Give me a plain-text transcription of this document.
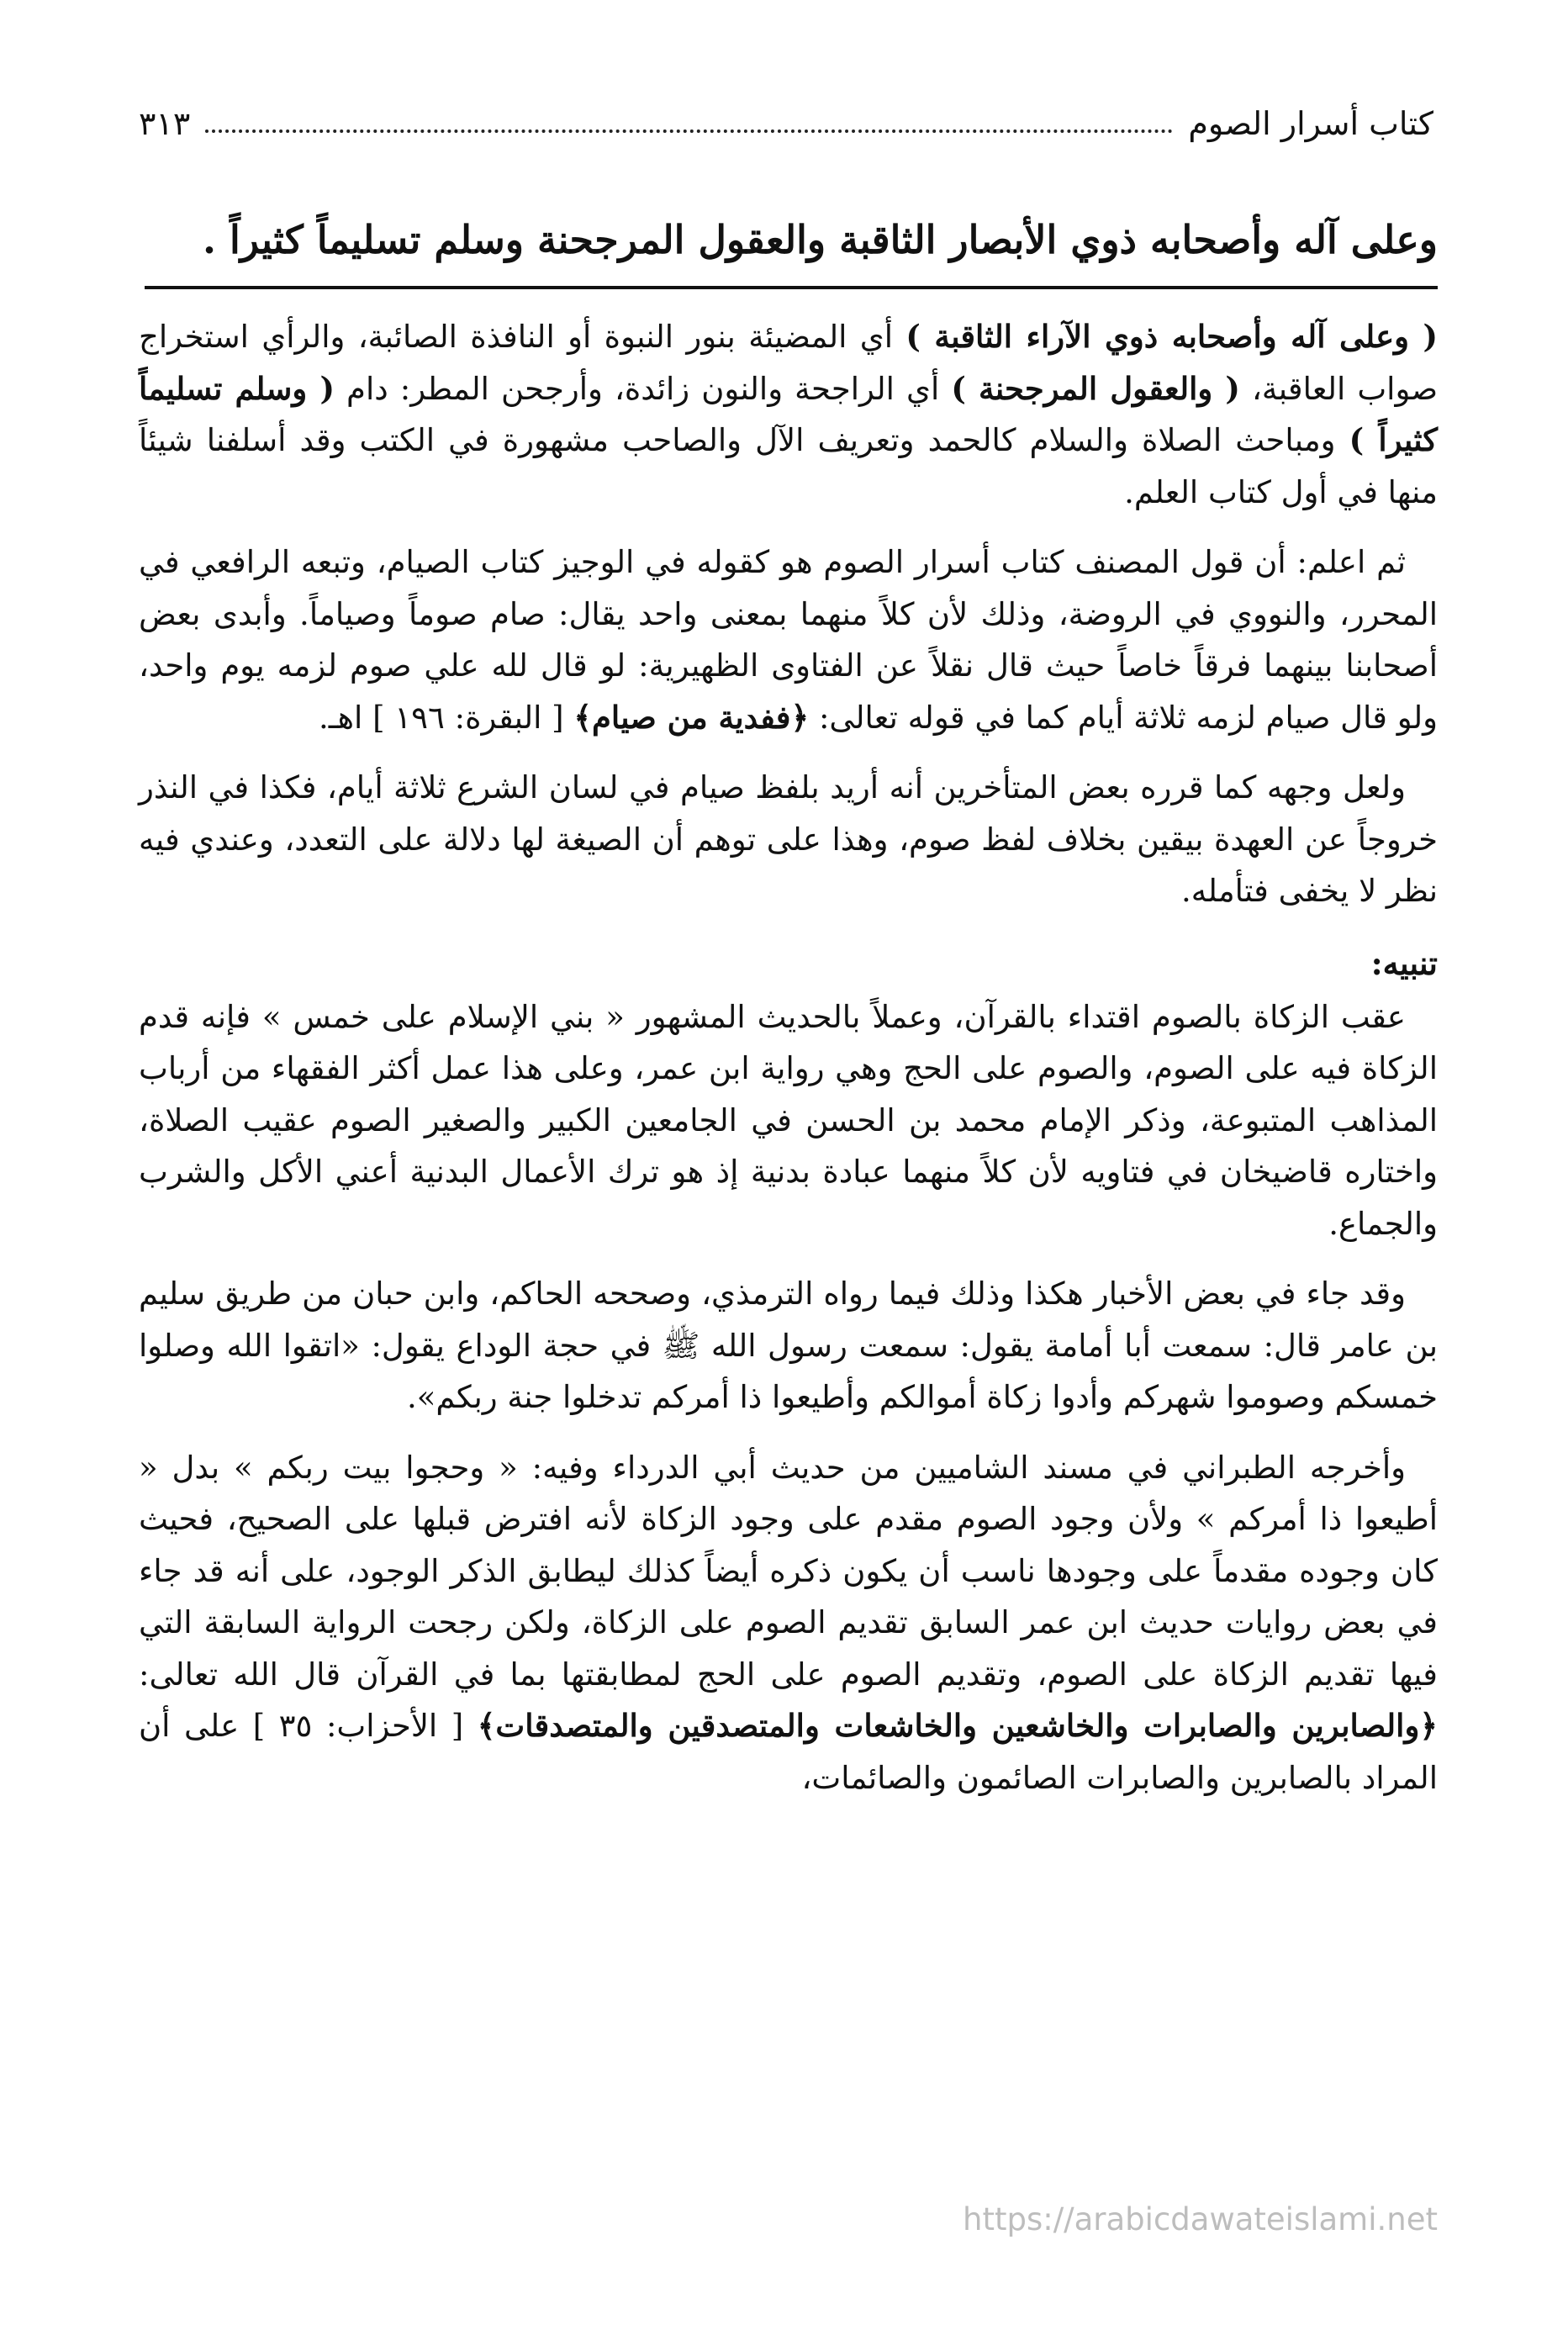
كتاب أسرار الصوم
٣١٣
وعلى آله وأصحابه ذوي الأبصار الثاقبة والعقول المرجحنة وسلم تسليماً كثيراً .

( وعلى آله وأصحابه ذوي الآراء الثاقبة ) أي المضيئة بنور النبوة أو النافذة الصائبة، والرأي استخراج صواب العاقبة، ( والعقول المرجحنة ) أي الراجحة والنون زائدة، وأرجحن المطر: دام ( وسلم تسليماً كثيراً ) ومباحث الصلاة والسلام كالحمد وتعريف الآل والصاحب مشهورة في الكتب وقد أسلفنا شيئاً منها في أول كتاب العلم.

ثم اعلم: أن قول المصنف كتاب أسرار الصوم هو كقوله في الوجيز كتاب الصيام، وتبعه الرافعي في المحرر، والنووي في الروضة، وذلك لأن كلاً منهما بمعنى واحد يقال: صام صوماً وصياماً. وأبدى بعض أصحابنا بينهما فرقاً خاصاً حيث قال نقلاً عن الفتاوى الظهيرية: لو قال لله علي صوم لزمه يوم واحد، ولو قال صيام لزمه ثلاثة أيام كما في قوله تعالى: ﴿ففدية من صيام﴾ [ البقرة: ١٩٦ ] اهـ.

ولعل وجهه كما قرره بعض المتأخرين أنه أريد بلفظ صيام في لسان الشرع ثلاثة أيام، فكذا في النذر خروجاً عن العهدة بيقين بخلاف لفظ صوم، وهذا على توهم أن الصيغة لها دلالة على التعدد، وعندي فيه نظر لا يخفى فتأمله.

تنبيه:

عقب الزكاة بالصوم اقتداء بالقرآن، وعملاً بالحديث المشهور « بني الإسلام على خمس » فإنه قدم الزكاة فيه على الصوم، والصوم على الحج وهي رواية ابن عمر، وعلى هذا عمل أكثر الفقهاء من أرباب المذاهب المتبوعة، وذكر الإمام محمد بن الحسن في الجامعين الكبير والصغير الصوم عقيب الصلاة، واختاره قاضيخان في فتاويه لأن كلاً منهما عبادة بدنية إذ هو ترك الأعمال البدنية أعني الأكل والشرب والجماع.

وقد جاء في بعض الأخبار هكذا وذلك فيما رواه الترمذي، وصححه الحاكم، وابن حبان من طريق سليم بن عامر قال: سمعت أبا أمامة يقول: سمعت رسول الله ﷺ في حجة الوداع يقول: «اتقوا الله وصلوا خمسكم وصوموا شهركم وأدوا زكاة أموالكم وأطيعوا ذا أمركم تدخلوا جنة ربكم».

وأخرجه الطبراني في مسند الشاميين من حديث أبي الدرداء وفيه: « وحجوا بيت ربكم » بدل « أطيعوا ذا أمركم » ولأن وجود الصوم مقدم على وجود الزكاة لأنه افترض قبلها على الصحيح، فحيث كان وجوده مقدماً على وجودها ناسب أن يكون ذكره أيضاً كذلك ليطابق الذكر الوجود، على أنه قد جاء في بعض روايات حديث ابن عمر السابق تقديم الصوم على الزكاة، ولكن رجحت الرواية السابقة التي فيها تقديم الزكاة على الصوم، وتقديم الصوم على الحج لمطابقتها بما في القرآن قال الله تعالى: ﴿والصابرين والصابرات والخاشعين والخاشعات والمتصدقين والمتصدقات﴾ [ الأحزاب: ٣٥ ] على أن المراد بالصابرين والصابرات الصائمون والصائمات،

https://arabicdawateislami.net
